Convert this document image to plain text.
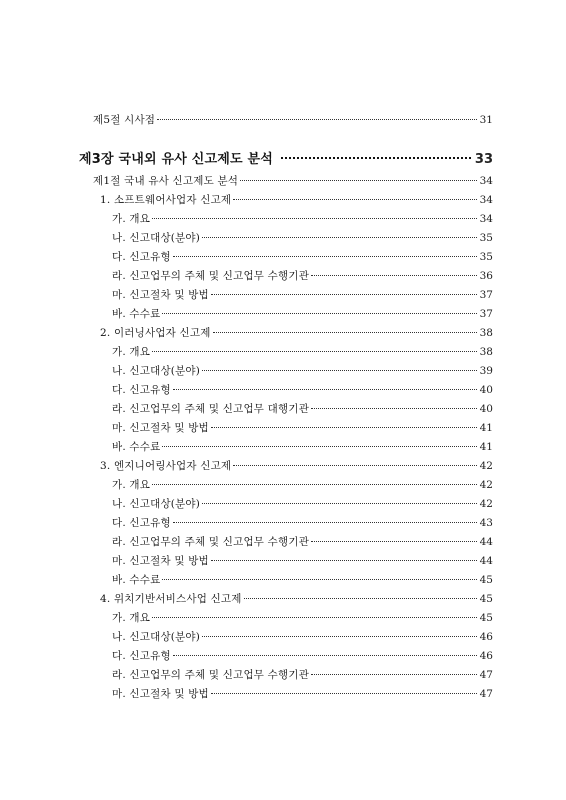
제5절 시사점	31
제3장 국내외 유사 신고제도 분석	33
제1절 국내 유사 신고제도 분석	34
1. 소프트웨어사업자 신고제	34
가. 개요	34
나. 신고대상(분야)	35
다. 신고유형	35
라. 신고업무의 주체 및 신고업무 수행기관	36
마. 신고절차 및 방법	37
바. 수수료	37
2. 이러닝사업자 신고제	38
가. 개요	38
나. 신고대상(분야)	39
다. 신고유형	40
라. 신고업무의 주체 및 신고업무 대행기관	40
마. 신고절차 및 방법	41
바. 수수료	41
3. 엔지니어링사업자 신고제	42
가. 개요	42
나. 신고대상(분야)	42
다. 신고유형	43
라. 신고업무의 주체 및 신고업무 수행기관	44
마. 신고절차 및 방법	44
바. 수수료	45
4. 위치기반서비스사업 신고제	45
가. 개요	45
나. 신고대상(분야)	46
다. 신고유형	46
라. 신고업무의 주체 및 신고업무 수행기관	47
마. 신고절차 및 방법	47
